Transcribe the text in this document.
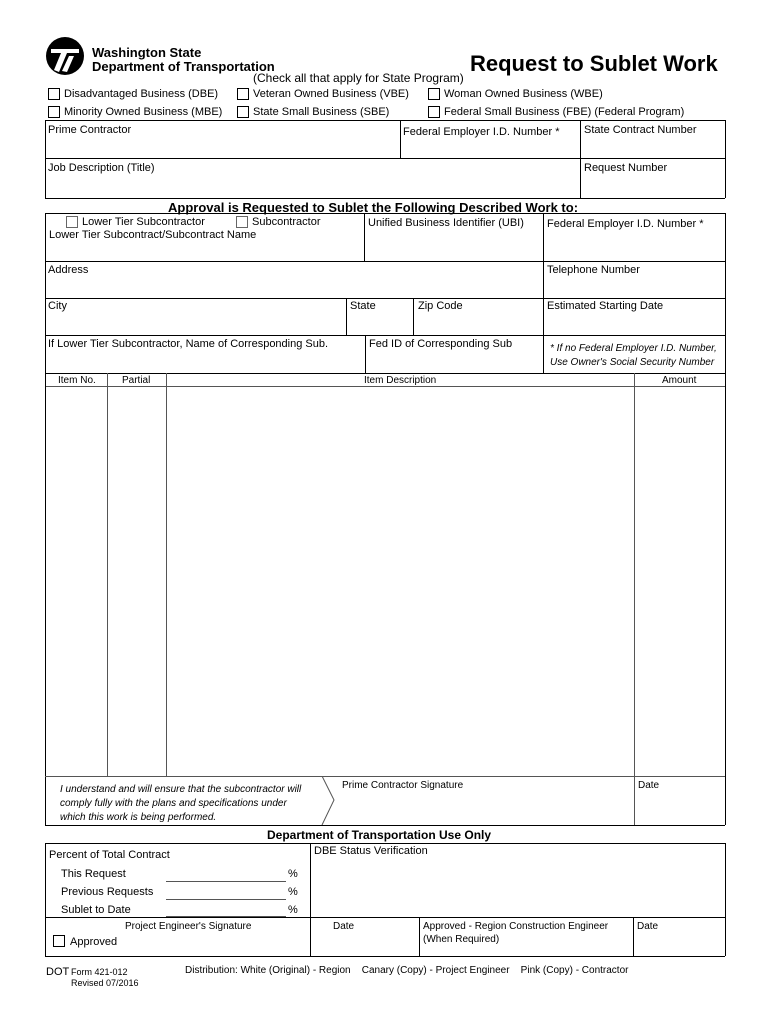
Washington State
Department of Transportation	Request to Sublet Work
(Check all that apply for State Program)
Disadvantaged Business (DBE)	Veteran Owned Business (VBE)	Woman Owned Business (WBE)
Minority Owned Business (MBE)	State Small Business (SBE)	Federal Small Business (FBE) (Federal Program)
Prime Contractor	Federal Employer I.D. Number * State Contract Number
Job Description (Title)	Request Number
Approval is Requested to Sublet the Following Described Work to:
Lower Tier Subcontractor	Subcontractor
Lower Tier Subcontract/Subcontract Name
Unified Business Identifier (UBI) Federal Employer I.D. Number *
Address	Telephone Number
City	State	Zip Code	Estimated Starting Date
If Lower Tier Subcontractor, Name of Corresponding Sub.	Fed ID of Corresponding Sub	* If no Federal Employer I.D. Number,
Use Owner's Social Security Number
Item No.	Partial	Item Description	Amount
I understand and will ensure that the subcontractor will
comply fully with the plans and specifications under
which this work is being performed.
Prime Contractor Signature	Date
Department of Transportation Use Only
Percent of Total Contract
This Request	%
Previous Requests	%
Sublet to Date	%
DBE Status Verification
Project Engineer's Signature
Approved
Date	Approved - Region Construction Engineer
(When Required)
Date
DOT Form 421-012
Revised 07/2016
Distribution: White (Original) - Region    Canary (Copy) - Project Engineer    Pink (Copy) - Contractor
